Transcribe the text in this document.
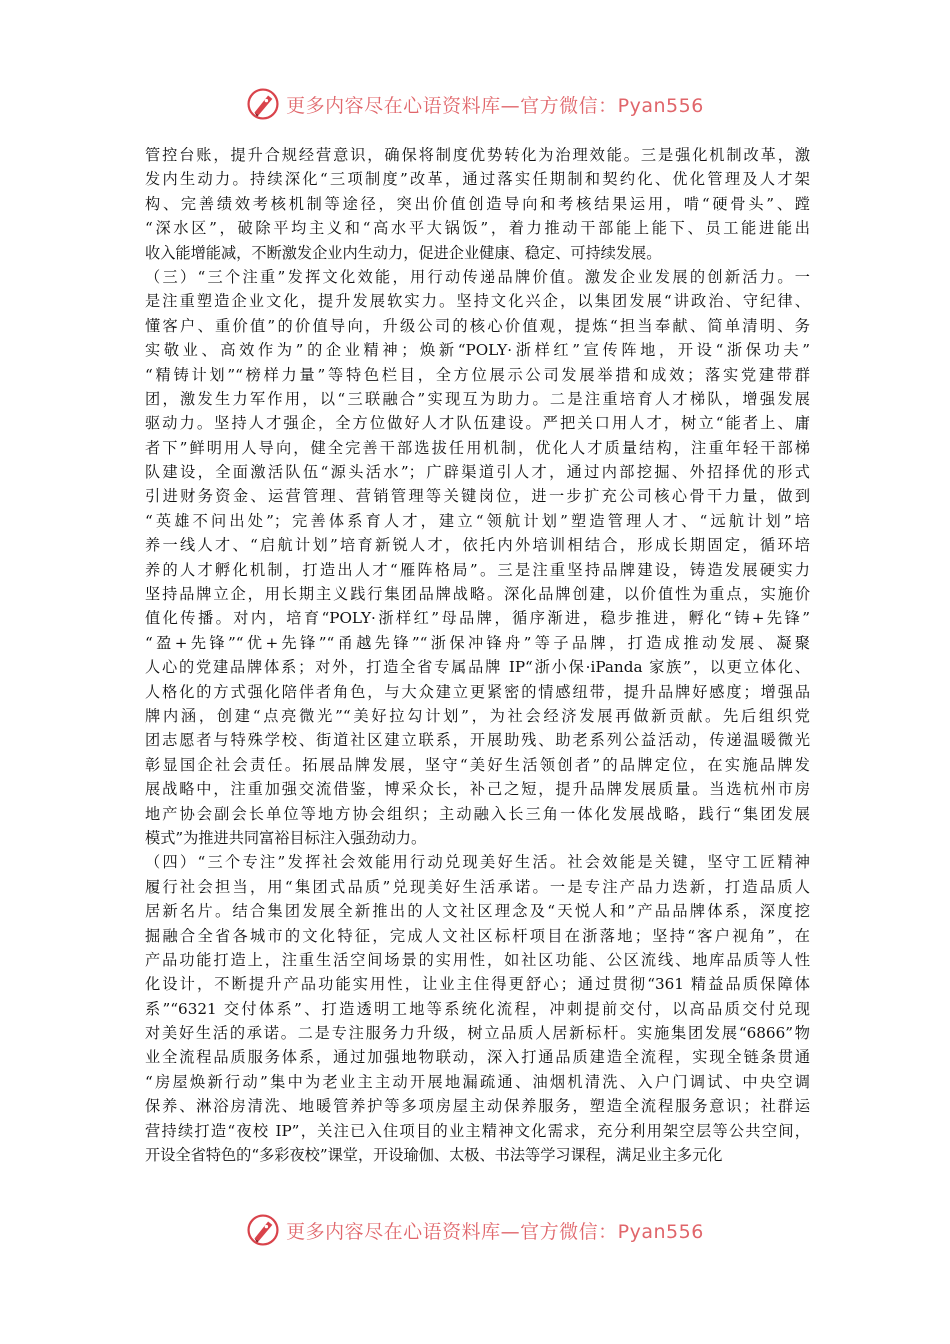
更多内容尽在心语资料库—官方微信：Pyan556
管控台账，提升合规经营意识，确保将制度优势转化为治理效能。三是强化机制改革，激
发内生动力。持续深化“三项制度”改革，通过落实任期制和契约化、优化管理及人才架
构、完善绩效考核机制等途径，突出价值创造导向和考核结果运用，啃“硬骨头”、蹚
“深水区”，破除平均主义和“高水平大锅饭”，着力推动干部能上能下、员工能进能出
收入能增能减，不断激发企业内生动力，促进企业健康、稳定、可持续发展。
（三）“三个注重”发挥文化效能，用行动传递品牌价值。激发企业发展的创新活力。一
是注重塑造企业文化，提升发展软实力。坚持文化兴企，以集团发展“讲政治、守纪律、
懂客户、重价值”的价值导向，升级公司的核心价值观，提炼“担当奉献、简单清明、务
实敬业、高效作为”的企业精神；焕新“POLY·浙样红”宣传阵地，开设“浙保功夫”
“精铸计划”“榜样力量”等特色栏目，全方位展示公司发展举措和成效；落实党建带群
团，激发生力军作用，以“三联融合”实现互为助力。二是注重培育人才梯队，增强发展
驱动力。坚持人才强企，全方位做好人才队伍建设。严把关口用人才，树立“能者上、庸
者下”鲜明用人导向，健全完善干部选拔任用机制，优化人才质量结构，注重年轻干部梯
队建设，全面激活队伍“源头活水”；广辟渠道引人才，通过内部挖掘、外招择优的形式
引进财务资金、运营管理、营销管理等关键岗位，进一步扩充公司核心骨干力量，做到
“英雄不问出处”；完善体系育人才，建立“领航计划”塑造管理人才、“远航计划”培
养一线人才、“启航计划”培育新锐人才，依托内外培训相结合，形成长期固定，循环培
养的人才孵化机制，打造出人才“雁阵格局”。三是注重坚持品牌建设，铸造发展硬实力
坚持品牌立企，用长期主义践行集团品牌战略。深化品牌创建，以价值性为重点，实施价
值化传播。对内，培育“POLY·浙样红”母品牌，循序渐进，稳步推进，孵化“铸+先锋”
“盈+先锋”“优+先锋”“甬越先锋”“浙保冲锋舟”等子品牌，打造成推动发展、凝聚
人心的党建品牌体系；对外，打造全省专属品牌 IP“浙小保·iPanda 家族”，以更立体化、
人格化的方式强化陪伴者角色，与大众建立更紧密的情感纽带，提升品牌好感度；增强品
牌内涵，创建“点亮微光”“美好拉勾计划”，为社会经济发展再做新贡献。先后组织党
团志愿者与特殊学校、街道社区建立联系，开展助残、助老系列公益活动，传递温暖微光
彰显国企社会责任。拓展品牌发展，坚守“美好生活领创者”的品牌定位，在实施品牌发
展战略中，注重加强交流借鉴，博采众长，补己之短，提升品牌发展质量。当选杭州市房
地产协会副会长单位等地方协会组织；主动融入长三角一体化发展战略，践行“集团发展
模式”为推进共同富裕目标注入强劲动力。
（四）“三个专注”发挥社会效能用行动兑现美好生活。社会效能是关键，坚守工匠精神
履行社会担当，用“集团式品质”兑现美好生活承诺。一是专注产品力迭新，打造品质人
居新名片。结合集团发展全新推出的人文社区理念及“天悦人和”产品品牌体系，深度挖
掘融合全省各城市的文化特征，完成人文社区标杆项目在浙落地；坚持“客户视角”，在
产品功能打造上，注重生活空间场景的实用性，如社区功能、公区流线、地库品质等人性
化设计，不断提升产品功能实用性，让业主住得更舒心；通过贯彻“361 精益品质保障体
系”“6321 交付体系”、打造透明工地等系统化流程，冲刺提前交付，以高品质交付兑现
对美好生活的承诺。二是专注服务力升级，树立品质人居新标杆。实施集团发展“6866”物
业全流程品质服务体系，通过加强地物联动，深入打通品质建造全流程，实现全链条贯通
“房屋焕新行动”集中为老业主主动开展地漏疏通、油烟机清洗、入户门调试、中央空调
保养、淋浴房清洗、地暖管养护等多项房屋主动保养服务，塑造全流程服务意识；社群运
营持续打造“夜校 IP”，关注已入住项目的业主精神文化需求，充分利用架空层等公共空间，
开设全省特色的“多彩夜校”课堂，开设瑜伽、太极、书法等学习课程，满足业主多元化
更多内容尽在心语资料库—官方微信：Pyan556
